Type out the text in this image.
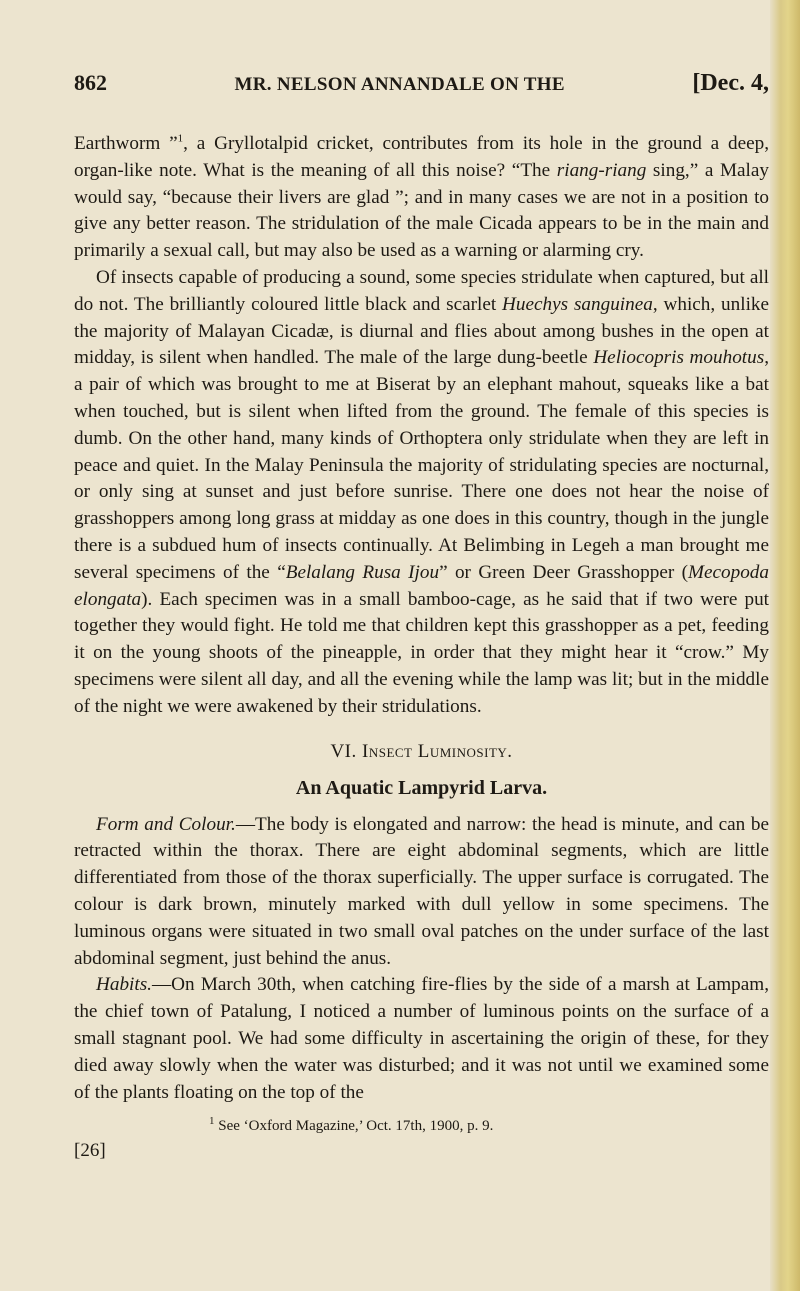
862	MR. NELSON ANNANDALE ON THE	[Dec. 4,

Earthworm ”$^1$, a Gryllotalpid cricket, contributes from its hole in the ground a deep, organ-like note. What is the meaning of all this noise? “The riang-riang sing,” a Malay would say, “because their livers are glad ”; and in many cases we are not in a position to give any better reason. The stridulation of the male Cicada appears to be in the main and primarily a sexual call, but may also be used as a warning or alarming cry.

Of insects capable of producing a sound, some species stridulate when captured, but all do not. The brilliantly coloured little black and scarlet Huechys sanguinea, which, unlike the majority of Malayan Cicadæ, is diurnal and flies about among bushes in the open at midday, is silent when handled. The male of the large dung-beetle Heliocopris mouhotus, a pair of which was brought to me at Biserat by an elephant mahout, squeaks like a bat when touched, but is silent when lifted from the ground. The female of this species is dumb. On the other hand, many kinds of Orthoptera only stridulate when they are left in peace and quiet. In the Malay Peninsula the majority of stridulating species are nocturnal, or only sing at sunset and just before sunrise. There one does not hear the noise of grasshoppers among long grass at midday as one does in this country, though in the jungle there is a subdued hum of insects continually. At Belimbing in Legeh a man brought me several specimens of the “Belalang Rusa Ijou” or Green Deer Grasshopper (Mecopoda elongata). Each specimen was in a small bamboo-cage, as he said that if two were put together they would fight. He told me that children kept this grasshopper as a pet, feeding it on the young shoots of the pineapple, in order that they might hear it “crow.” My specimens were silent all day, and all the evening while the lamp was lit; but in the middle of the night we were awakened by their stridulations.

VI. Insect Luminosity.
An Aquatic Lampyrid Larva.

Form and Colour.—The body is elongated and narrow: the head is minute, and can be retracted within the thorax. There are eight abdominal segments, which are little differentiated from those of the thorax superficially. The upper surface is corrugated. The colour is dark brown, minutely marked with dull yellow in some specimens. The luminous organs were situated in two small oval patches on the under surface of the last abdominal segment, just behind the anus.

Habits.—On March 30th, when catching fire-flies by the side of a marsh at Lampam, the chief town of Patalung, I noticed a number of luminous points on the surface of a small stagnant pool. We had some difficulty in ascertaining the origin of these, for they died away slowly when the water was disturbed; and it was not until we examined some of the plants floating on the top of the

$^1$ See ‘Oxford Magazine,’ Oct. 17th, 1900, p. 9.
[26]
